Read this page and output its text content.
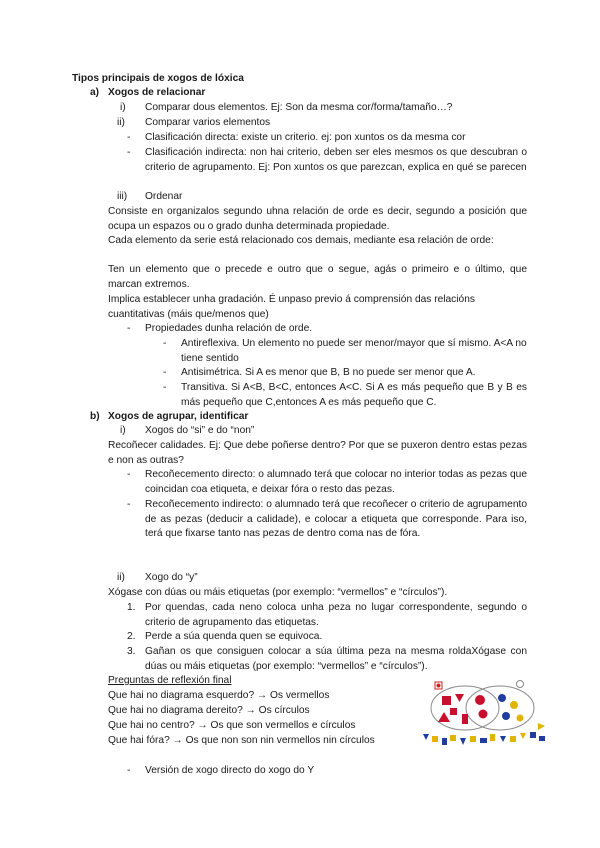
Tipos principais de xogos de lóxica
a) Xogos de relacionar
i) Comparar dous elementos. Ej: Son da mesma cor/forma/tamaño…?
ii) Comparar varios elementos
- Clasificación directa: existe un criterio. ej: pon xuntos os da mesma cor
- Clasificación indirecta: non hai criterio, deben ser eles mesmos os que descubran o criterio de agrupamento. Ej: Pon xuntos os que parezcan, explica en qué se parecen
iii) Ordenar
Consiste en organizalos segundo uhna relación de orde es decir, segundo a posición que ocupa un espazos ou o grado dunha determinada propiedade.
Cada elemento da serie está relacionado cos demais, mediante esa relación de orde:
Ten un elemento que o precede e outro que o segue, agás o primeiro e o último, que marcan extremos.
Implica establecer unha gradación. É unpaso previo á comprensión das relacións cuantitativas (máis que/menos que)
- Propiedades dunha relación de orde.
- Antireflexiva. Un elemento no puede ser menor/mayor que sí mismo. A<A no tiene sentido
- Antisimétrica. Si A es menor que B, B no puede ser menor que A.
- Transitiva. Si A<B, B<C, entonces A<C. Si A es más pequeño que B y B es más pequeño que C,entonces A es más pequeño que C.
b) Xogos de agrupar, identificar
i) Xogos do “si” e do “non”
Recoñecer calidades. Ej: Que debe poñerse dentro? Por que se puxeron dentro estas pezas e non as outras?
- Recoñecemento directo: o alumnado terá que colocar no interior todas as pezas que coincidan coa etiqueta, e deixar fóra o resto das pezas.
- Recoñecemento indirecto: o alumnado terá que recoñecer o criterio de agrupamento de as pezas (deducir a calidade), e colocar a etiqueta que corresponde. Para iso, terá que fixarse tanto nas pezas de dentro coma nas de fóra.
ii) Xogo do “y”
Xógase con dúas ou máis etiquetas (por exemplo: “vermellos” e “círculos”).
1. Por quendas, cada neno coloca unha peza no lugar correspondente, segundo o criterio de agrupamento das etiquetas.
2. Perde a súa quenda quen se equivoca.
3. Gañan os que consiguen colocar a súa última peza na mesma roldaXógase con dúas ou máis etiquetas (por exemplo: “vermellos” e “círculos”).
Preguntas de reflexión final
Que hai no diagrama esquerdo? → Os vermellos
Que hai no diagrama dereito? → Os círculos
Que hai no centro? → Os que son vermellos e círculos
Que hai fóra? → Os que non son nin vermellos nin círculos
- Versión de xogo directo do xogo do Y
